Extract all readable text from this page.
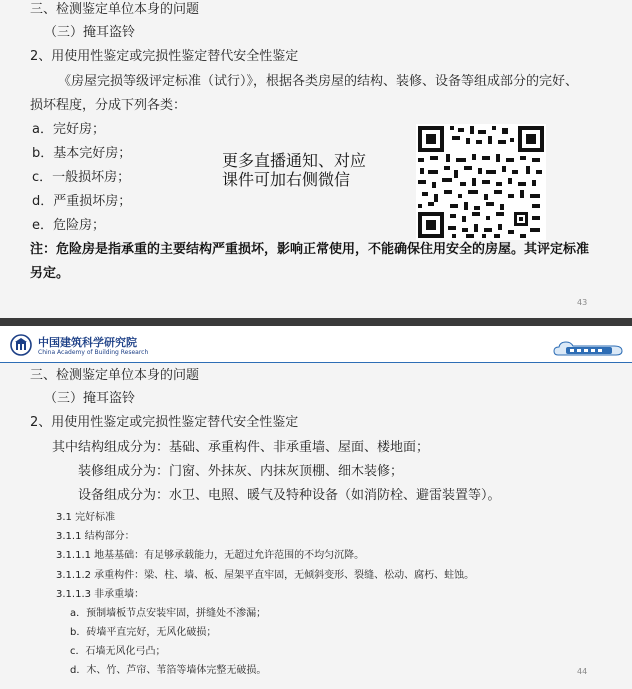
三、检测鉴定单位本身的问题
（三）掩耳盗铃
2、用使用性鉴定或完损性鉴定替代安全性鉴定
《房屋完损等级评定标准（试行）》，根据各类房屋的结构、装修、设备等组成部分的完好、
损坏程度，分成下列各类：
a．完好房；
b．基本完好房；
c．一般损坏房；
d．严重损坏房；
e．危险房；
更多直播通知、对应
课件可加右侧微信
注：危险房是指承重的主要结构严重损坏，影响正常使用，不能确保住用安全的房屋。其评定标准
另定。
43
中国建筑科学研究院
China Academy of Building Research
三、检测鉴定单位本身的问题
（三）掩耳盗铃
2、用使用性鉴定或完损性鉴定替代安全性鉴定
其中结构组成分为：基础、承重构件、非承重墙、屋面、楼地面；
装修组成分为：门窗、外抹灰、内抹灰顶棚、细木装修；
设备组成分为：水卫、电照、暖气及特种设备（如消防栓、避雷装置等）。
3.1 完好标准
3.1.1 结构部分：
3.1.1.1 地基基础：有足够承载能力，无超过允许范围的不均匀沉降。
3.1.1.2 承重构件：梁、柱、墙、板、屋架平直牢固，无倾斜变形、裂缝、松动、腐朽、蛀蚀。
3.1.1.3 非承重墙：
a．预制墙板节点安装牢固，拼缝处不渗漏；
b．砖墙平直完好，无风化破损；
c．石墙无风化弓凸；
d．木、竹、芦帘、苇箔等墙体完整无破损。	44
